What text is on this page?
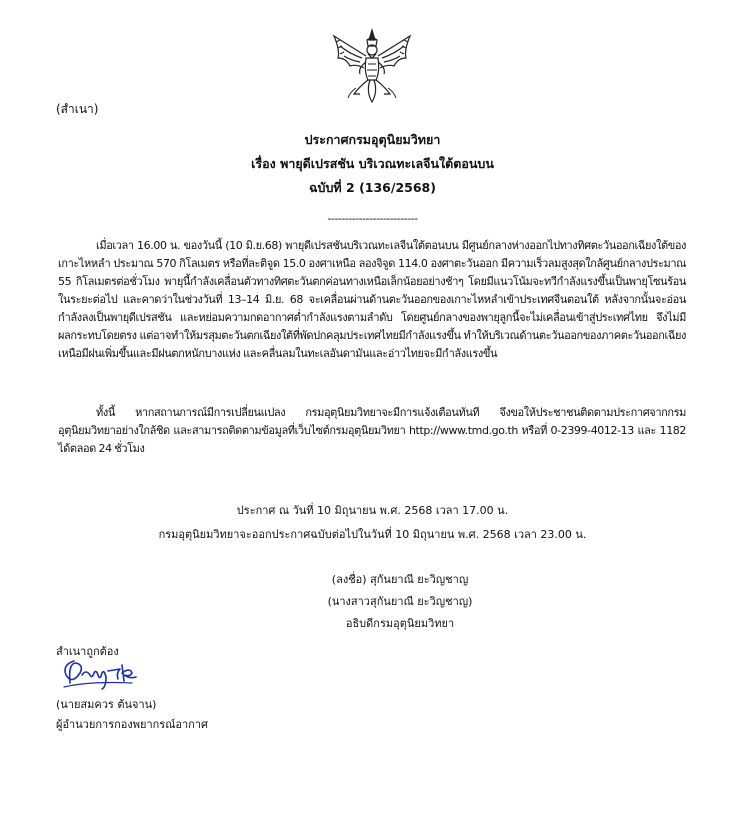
(สำเนา)
ประกาศกรมอุตุนิยมวิทยา
เรื่อง พายุดีเปรสชัน บริเวณทะเลจีนใต้ตอนบน
ฉบับที่ 2 (136/2568)
--------------------------

เมื่อเวลา 16.00 น. ของวันนี้ (10 มิ.ย.68) พายุดีเปรสชันบริเวณทะเลจีนใต้ตอนบน มีศูนย์กลางห่างออกไปทางทิศตะวันออกเฉียงใต้ของเกาะไหหลำ ประมาณ 570 กิโลเมตร หรือที่ละติจูด 15.0 องศาเหนือ ลองจิจูด 114.0 องศาตะวันออก มีความเร็วลมสูงสุดใกล้ศูนย์กลางประมาณ 55 กิโลเมตรต่อชั่วโมง พายุนี้กำลังเคลื่อนตัวทางทิศตะวันตกค่อนทางเหนือเล็กน้อยอย่างช้าๆ โดยมีแนวโน้มจะทวีกำลังแรงขึ้นเป็นพายุโซนร้อนในระยะต่อไป และคาดว่าในช่วงวันที่ 13–14 มิ.ย. 68 จะเคลื่อนผ่านด้านตะวันออกของเกาะไหหลำเข้าประเทศจีนตอนใต้ หลังจากนั้นจะอ่อนกำลังลงเป็นพายุดีเปรสชัน และหย่อมความกดอากาศต่ำกำลังแรงตามลำดับ โดยศูนย์กลางของพายุลูกนี้จะไม่เคลื่อนเข้าสู่ประเทศไทย จึงไม่มีผลกระทบโดยตรง แต่อาจทำให้มรสุมตะวันตกเฉียงใต้ที่พัดปกคลุมประเทศไทยมีกำลังแรงขึ้น ทำให้บริเวณด้านตะวันออกของภาคตะวันออกเฉียงเหนือมีฝนเพิ่มขึ้นและมีฝนตกหนักบางแห่ง และคลื่นลมในทะเลอันดามันและอ่าวไทยจะมีกำลังแรงขึ้น

ทั้งนี้ หากสถานการณ์มีการเปลี่ยนแปลง กรมอุตุนิยมวิทยาจะมีการแจ้งเตือนทันที จึงขอให้ประชาชนติดตามประกาศจากกรมอุตุนิยมวิทยาอย่างใกล้ชิด และสามารถติดตามข้อมูลที่เว็บไซต์กรมอุตุนิยมวิทยา http://www.tmd.go.th หรือที่ 0-2399-4012-13 และ 1182 ได้ตลอด 24 ชั่วโมง

ประกาศ ณ วันที่ 10 มิถุนายน พ.ศ. 2568 เวลา 17.00 น.
กรมอุตุนิยมวิทยาจะออกประกาศฉบับต่อไปในวันที่ 10 มิถุนายน พ.ศ. 2568 เวลา 23.00 น.
(ลงชื่อ) สุกันยาณี ยะวิญชาญ
(นางสาวสุกันยาณี ยะวิญชาญ)
อธิบดีกรมอุตุนิยมวิทยา
สำเนาถูกต้อง
(นายสมควร ต้นจาน)
ผู้อำนวยการกองพยากรณ์อากาศ
